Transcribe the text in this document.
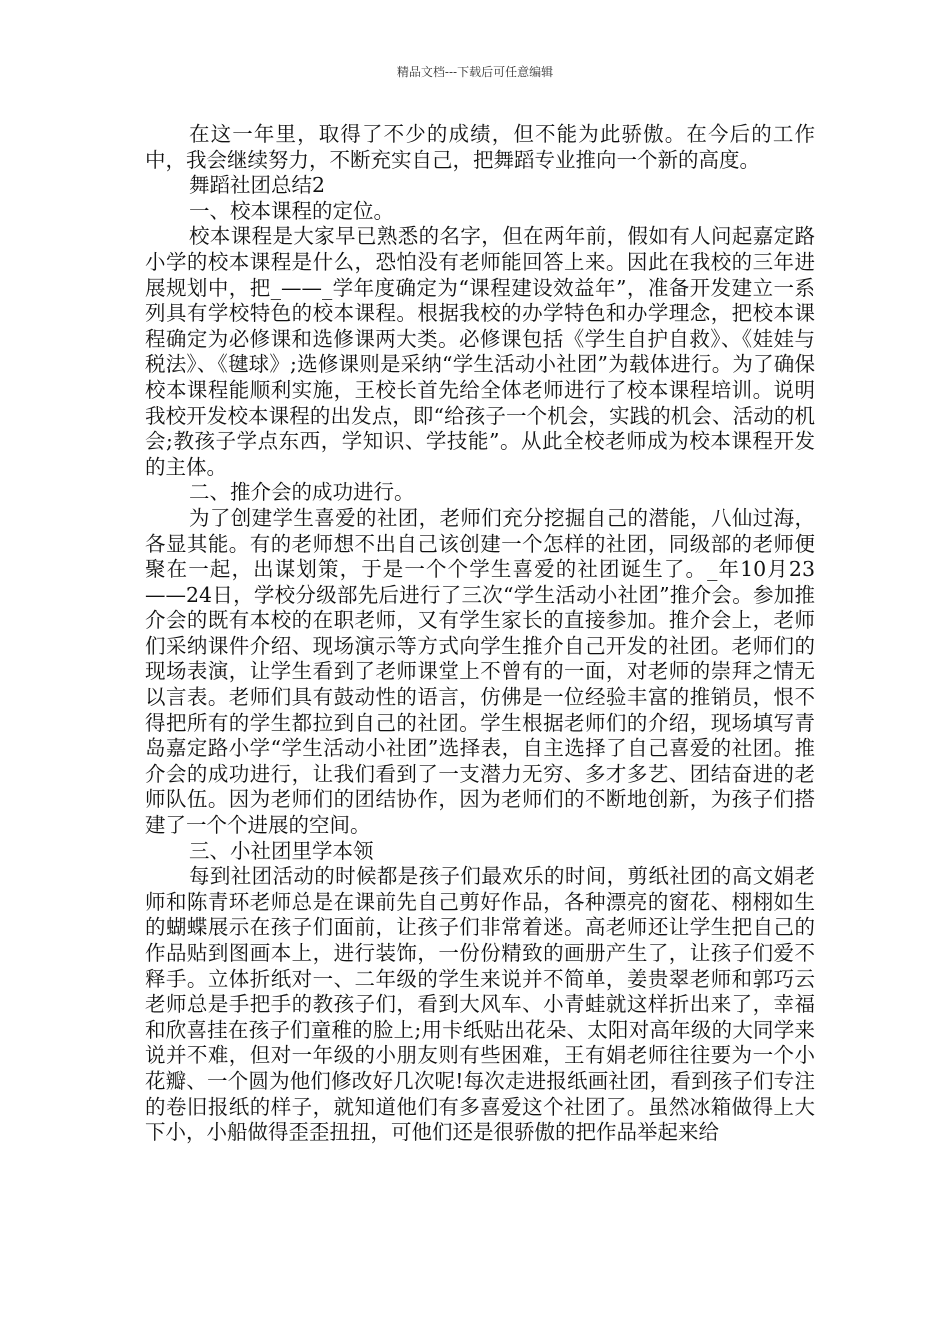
精品文档---下载后可任意编辑

在这一年里，取得了不少的成绩，但不能为此骄傲。在今后的工作中，我会继续努力，不断充实自己，把舞蹈专业推向一个新的高度。

舞蹈社团总结2

一、校本课程的定位。

校本课程是大家早已熟悉的名字，但在两年前，假如有人问起嘉定路小学的校本课程是什么，恐怕没有老师能回答上来。因此在我校的三年进展规划中，把_——_学年度确定为“课程建设效益年”，准备开发建立一系列具有学校特色的校本课程。根据我校的办学特色和办学理念，把校本课程确定为必修课和选修课两大类。必修课包括《学生自护自救》、《娃娃与税法》、《毽球》;选修课则是采纳“学生活动小社团”为载体进行。为了确保校本课程能顺利实施，王校长首先给全体老师进行了校本课程培训。说明我校开发校本课程的出发点，即“给孩子一个机会，实践的机会、活动的机会;教孩子学点东西，学知识、学技能”。从此全校老师成为校本课程开发的主体。

二、推介会的成功进行。

为了创建学生喜爱的社团，老师们充分挖掘自己的潜能，八仙过海，各显其能。有的老师想不出自己该创建一个怎样的社团，同级部的老师便聚在一起，出谋划策，于是一个个学生喜爱的社团诞生了。_年10月23——24日，学校分级部先后进行了三次“学生活动小社团”推介会。参加推介会的既有本校的在职老师，又有学生家长的直接参加。推介会上，老师们采纳课件介绍、现场演示等方式向学生推介自己开发的社团。老师们的现场表演，让学生看到了老师课堂上不曾有的一面，对老师的崇拜之情无以言表。老师们具有鼓动性的语言，仿佛是一位经验丰富的推销员，恨不得把所有的学生都拉到自己的社团。学生根据老师们的介绍，现场填写青岛嘉定路小学“学生活动小社团”选择表，自主选择了自己喜爱的社团。推介会的成功进行，让我们看到了一支潜力无穷、多才多艺、团结奋进的老师队伍。因为老师们的团结协作，因为老师们的不断地创新，为孩子们搭建了一个个进展的空间。

三、小社团里学本领

每到社团活动的时候都是孩子们最欢乐的时间，剪纸社团的高文娟老师和陈青环老师总是在课前先自己剪好作品，各种漂亮的窗花、栩栩如生的蝴蝶展示在孩子们面前，让孩子们非常着迷。高老师还让学生把自己的作品贴到图画本上，进行装饰，一份份精致的画册产生了，让孩子们爱不释手。立体折纸对一、二年级的学生来说并不简单，姜贵翠老师和郭巧云老师总是手把手的教孩子们，看到大风车、小青蛙就这样折出来了，幸福和欣喜挂在孩子们童稚的脸上;用卡纸贴出花朵、太阳对高年级的大同学来说并不难，但对一年级的小朋友则有些困难，王有娟老师往往要为一个小花瓣、一个圆为他们修改好几次呢!每次走进报纸画社团，看到孩子们专注的卷旧报纸的样子，就知道他们有多喜爱这个社团了。虽然冰箱做得上大下小，小船做得歪歪扭扭，可他们还是很骄傲的把作品举起来给
